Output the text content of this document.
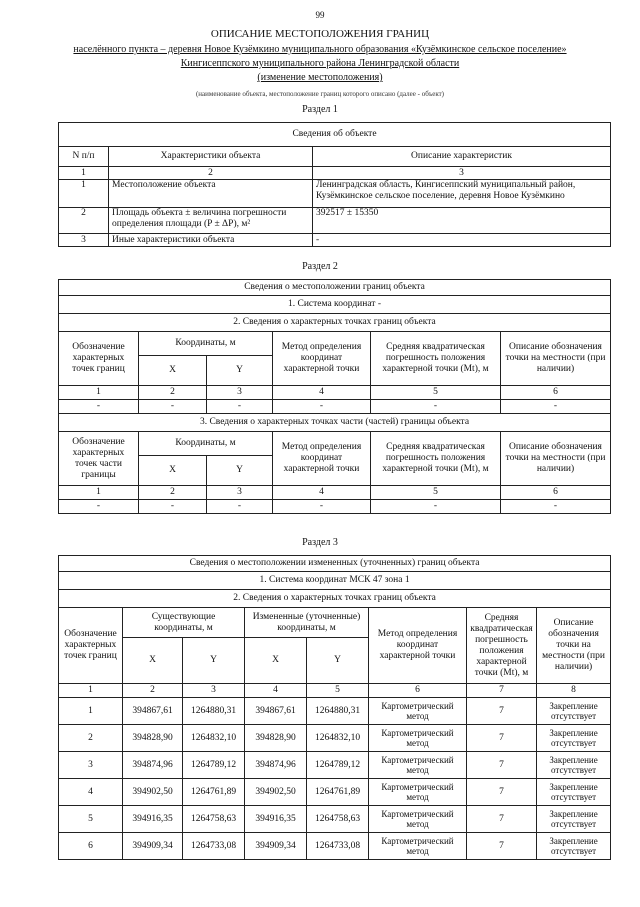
99
ОПИСАНИЕ МЕСТОПОЛОЖЕНИЯ ГРАНИЦ
населённого пункта – деревня Новое Кузёмкино муниципального образования «Кузёмкинское сельское поселение»
Кингисеппского муниципального района Ленинградской области
(изменение местоположения)
(наименование объекта, местоположение границ которого описано (далее - объект)
Раздел 1
Сведения об объекте		
N п/п	Характеристики объекта	Описание характеристик
1	2	3
1	Местоположение объекта	Ленинградская область, Кингисеппский муниципальный район, Кузёмкинское сельское поселение, деревня Новое Кузёмкино
2	Площадь объекта ± величина погрешности определения площади (P ± ΔP), м²	392517 ± 15350
3	Иные характеристики объекта	-
Раздел 2
Сведения о местоположении границ объекта					
1. Система координат -					
2. Сведения о характерных точках границ объекта					
Обозначение характерных точек границ	Координаты, м		Метод определения координат характерной точки	Средняя квадратическая погрешность положения характерной точки (Mt), м	Описание обозначения точки на местности (при наличии)
	X	Y			
1	2	3	4	5	6
-	-	-	-	-	-
3. Сведения о характерных точках части (частей) границы объекта					
Обозначение характерных точек части границы	Координаты, м		Метод определения координат характерной точки	Средняя квадратическая погрешность положения характерной точки (Mt), м	Описание обозначения точки на местности (при наличии)
	X	Y			
1	2	3	4	5	6
-	-	-	-	-	-
Раздел 3
Сведения о местоположении измененных (уточненных) границ объекта							
1. Система координат МСК 47 зона 1							
2. Сведения о характерных точках границ объекта							
Обозначение характерных точек границ	Существующие координаты, м		Измененные (уточненные) координаты, м		Метод определения координат характерной точки	Средняя квадратическая погрешность положения характерной точки (Mt), м	Описание обозначения точки на местности (при наличии)
	X	Y	X	Y			
1	2	3	4	5	6	7	8
1	394867,61	1264880,31	394867,61	1264880,31	Картометрический метод	7	Закрепление отсутствует
2	394828,90	1264832,10	394828,90	1264832,10	Картометрический метод	7	Закрепление отсутствует
3	394874,96	1264789,12	394874,96	1264789,12	Картометрический метод	7	Закрепление отсутствует
4	394902,50	1264761,89	394902,50	1264761,89	Картометрический метод	7	Закрепление отсутствует
5	394916,35	1264758,63	394916,35	1264758,63	Картометрический метод	7	Закрепление отсутствует
6	394909,34	1264733,08	394909,34	1264733,08	Картометрический метод	7	Закрепление отсутствует
